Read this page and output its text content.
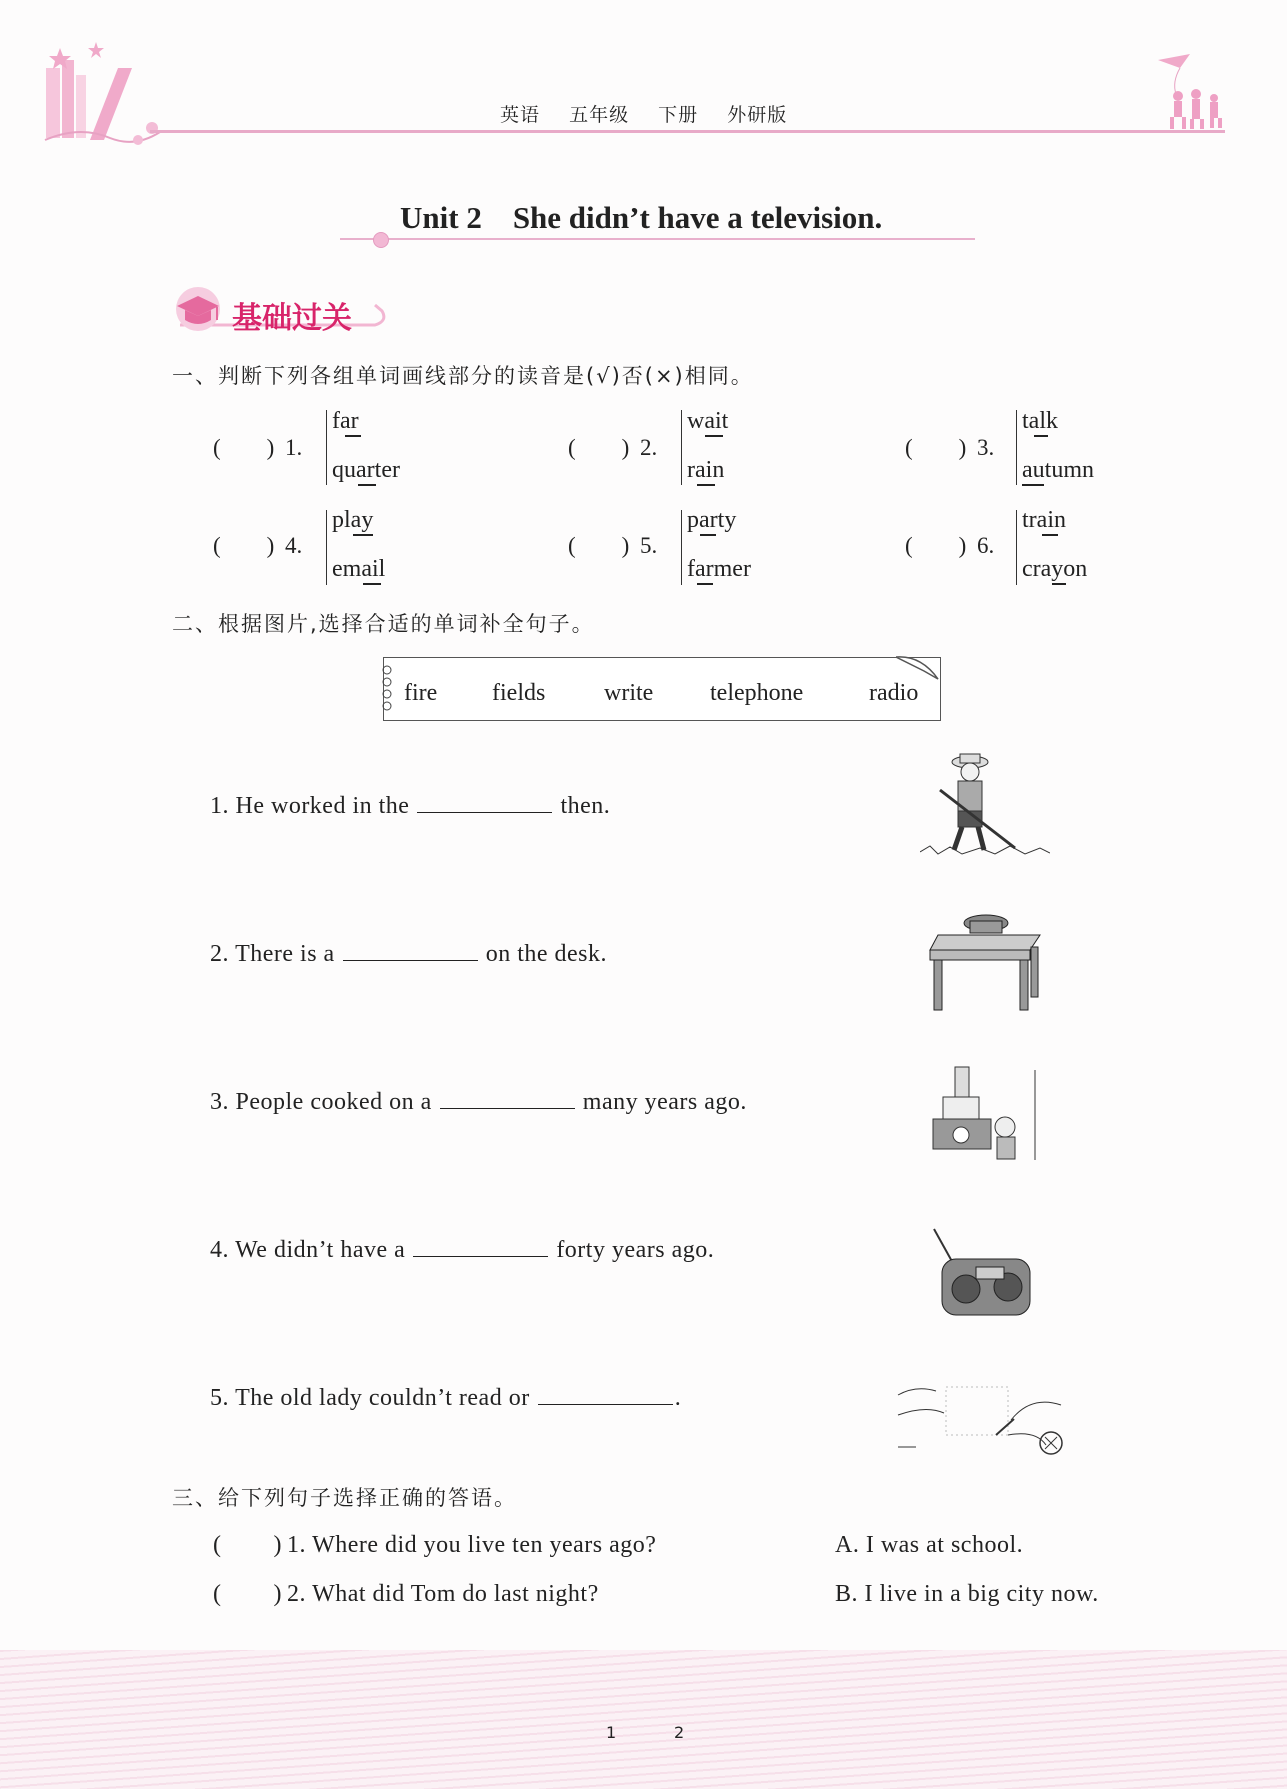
英语 五年级 下册 外研版
Unit 2    She didn’t have a television.
基础过关
一、判断下列各组单词画线部分的读音是(√)否(×)相同。
(        ) 1.
far
quarter
(        ) 2.
wait
rain
(        ) 3.
talk
autumn
(        ) 4.
play
email
(        ) 5.
party
farmer
(        ) 6.
train
crayon
二、根据图片,选择合适的单词补全句子。
fire fields write telephone	radio
1. He worked in the	then.
2. There is a	on the desk.
3. People cooked on a	many years ago.
4. We didn’t have a	forty years ago.
5. The old lady couldn’t read or	.
三、给下列句子选择正确的答语。
(        ) 1. Where did you live ten years ago?	A. I was at school.
(        ) 2. What did Tom do last night?	B. I live in a big city now.
1	2
